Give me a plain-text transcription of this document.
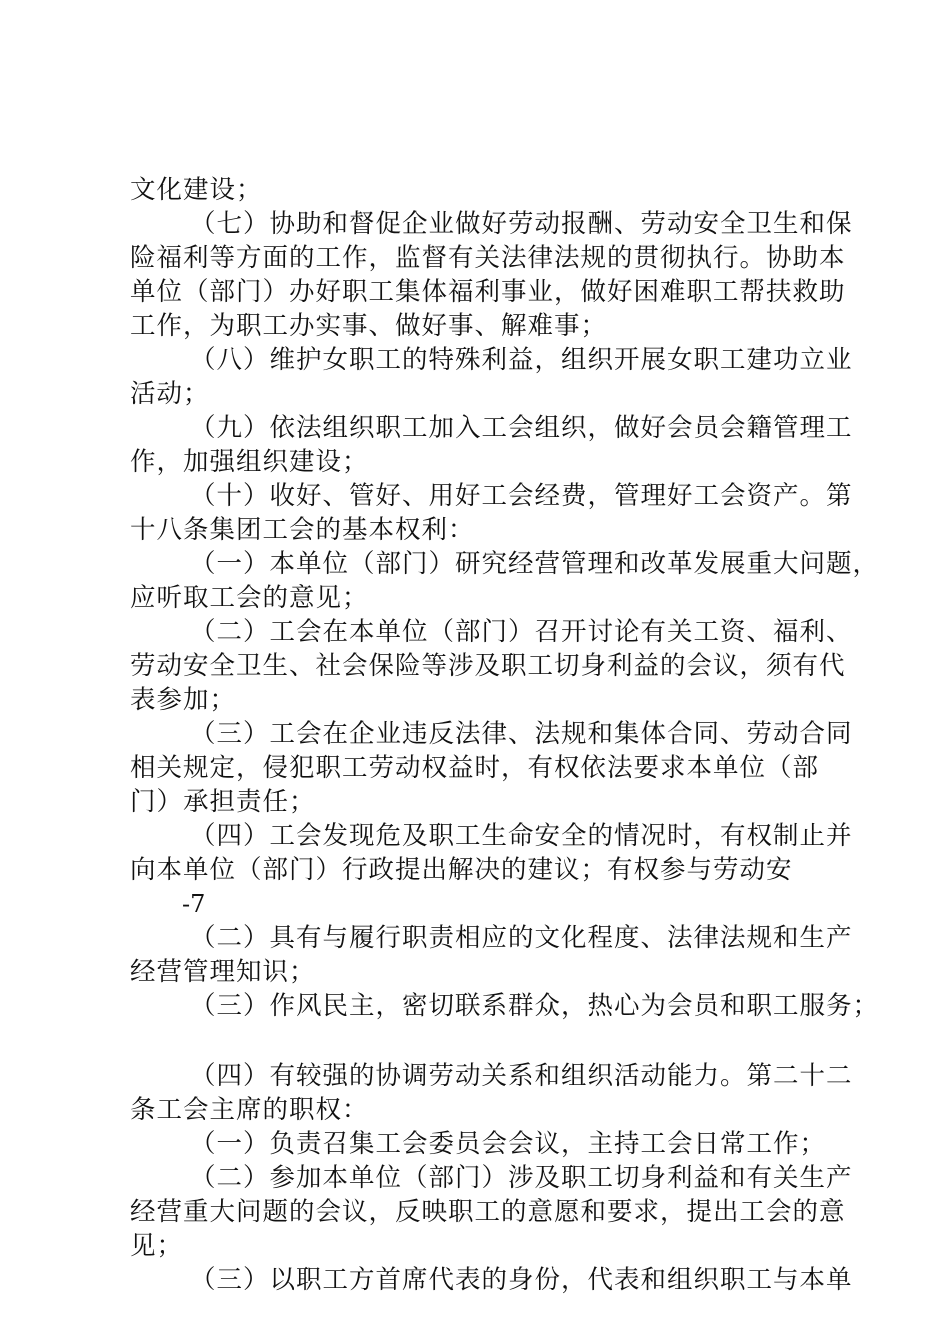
文化建设；
（七）协助和督促企业做好劳动报酬、劳动安全卫生和保
险福利等方面的工作，监督有关法律法规的贯彻执行。协助本
单位（部门）办好职工集体福利事业，做好困难职工帮扶救助
工作，为职工办实事、做好事、解难事；
（八）维护女职工的特殊利益，组织开展女职工建功立业
活动；
（九）依法组织职工加入工会组织，做好会员会籍管理工
作，加强组织建设；
（十）收好、管好、用好工会经费，管理好工会资产。第
十八条集团工会的基本权利：
（一）本单位（部门）研究经营管理和改革发展重大问题，
应听取工会的意见；
（二）工会在本单位（部门）召开讨论有关工资、福利、
劳动安全卫生、社会保险等涉及职工切身利益的会议，须有代
表参加；
（三）工会在企业违反法律、法规和集体合同、劳动合同
相关规定，侵犯职工劳动权益时，有权依法要求本单位（部
门）承担责任；
（四）工会发现危及职工生命安全的情况时，有权制止并
向本单位（部门）行政提出解决的建议；有权参与劳动安
-7
（二）具有与履行职责相应的文化程度、法律法规和生产
经营管理知识；
（三）作风民主，密切联系群众，热心为会员和职工服务；
（四）有较强的协调劳动关系和组织活动能力。第二十二
条工会主席的职权：
（一）负责召集工会委员会会议，主持工会日常工作；
（二）参加本单位（部门）涉及职工切身利益和有关生产
经营重大问题的会议，反映职工的意愿和要求，提出工会的意
见；
（三）以职工方首席代表的身份，代表和组织职工与本单
